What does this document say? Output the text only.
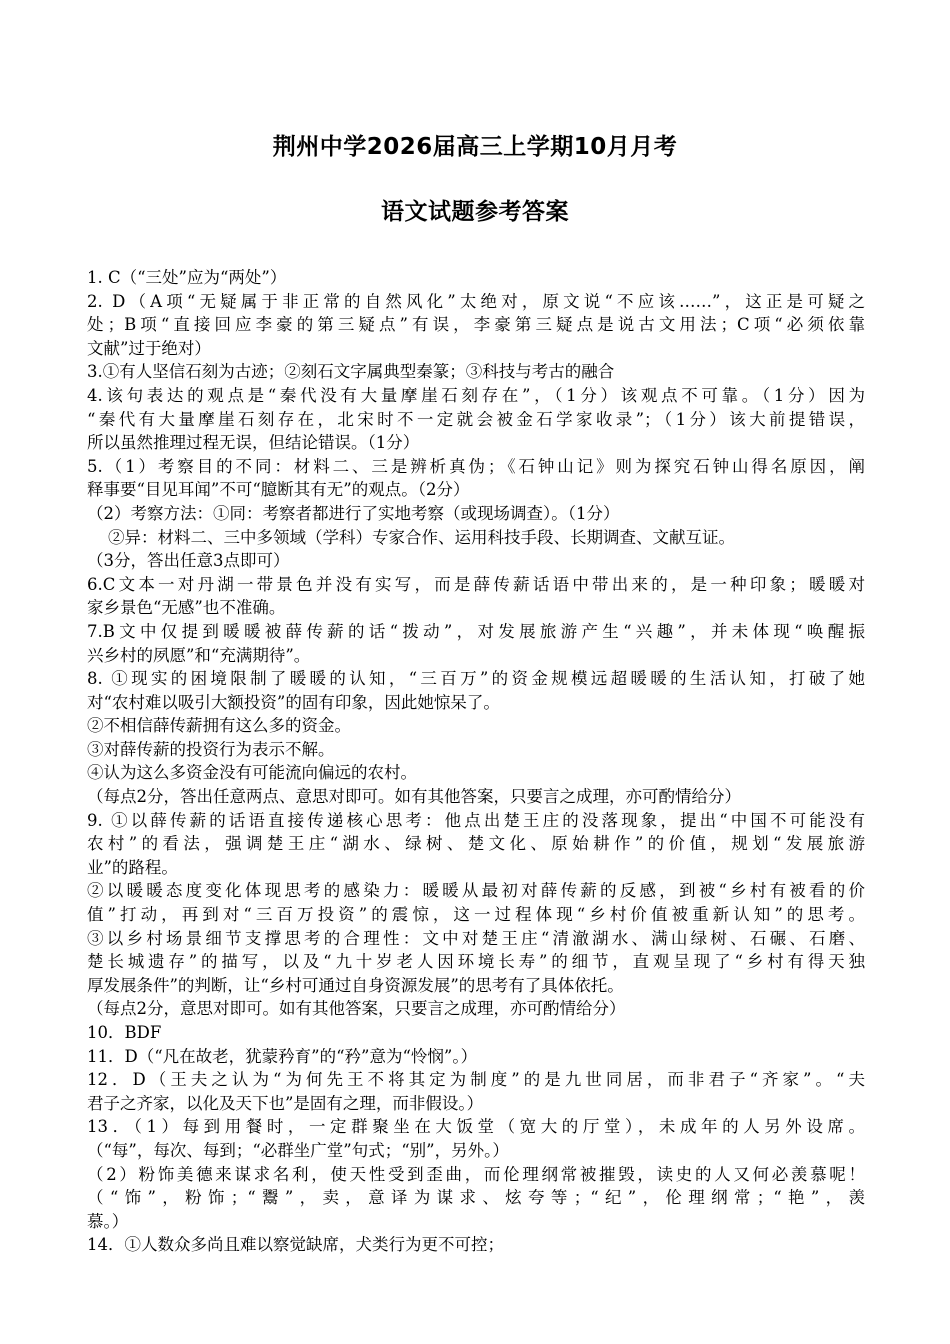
荆州中学2026届高三上学期10月月考
语文试题参考答案
1. C（“三处”应为“两处”）
2. D（A项“无疑属于非正常的自然风化”太绝对，原文说“不应该……”，这正是可疑之
处；B项“直接回应李豪的第三疑点”有误，李豪第三疑点是说古文用法；C项“必须依靠
文献”过于绝对）
3.①有人坚信石刻为古迹；②刻石文字属典型秦篆；③科技与考古的融合
4.该句表达的观点是“秦代没有大量摩崖石刻存在”，（1分）该观点不可靠。（1分）因为
“秦代有大量摩崖石刻存在，北宋时不一定就会被金石学家收录”；（1分）该大前提错误，
所以虽然推理过程无误，但结论错误。（1分）
5.（1）考察目的不同：材料二、三是辨析真伪；《石钟山记》则为探究石钟山得名原因，阐
释事要“目见耳闻”不可“臆断其有无”的观点。（2分）
（2）考察方法：①同：考察者都进行了实地考察（或现场调查）。（1分）
②异：材料二、三中多领域（学科）专家合作、运用科技手段、长期调查、文献互证。
（3分，答出任意3点即可）
6.C文本一对丹湖一带景色并没有实写，而是薛传薪话语中带出来的，是一种印象；暖暖对
家乡景色“无感”也不准确。
7.B文中仅提到暖暖被薛传薪的话“拨动”，对发展旅游产生“兴趣”，并未体现“唤醒振
兴乡村的夙愿”和“充满期待”。
8. ①现实的困境限制了暖暖的认知，“三百万”的资金规模远超暖暖的生活认知，打破了她
对“农村难以吸引大额投资”的固有印象，因此她惊呆了。
②不相信薛传薪拥有这么多的资金。
③对薛传薪的投资行为表示不解。
④认为这么多资金没有可能流向偏远的农村。
（每点2分，答出任意两点、意思对即可。如有其他答案，只要言之成理，亦可酌情给分）
9. ①以薛传薪的话语直接传递核心思考：他点出楚王庄的没落现象，提出“中国不可能没有
农村”的看法，强调楚王庄“湖水、绿树、楚文化、原始耕作”的价值，规划“发展旅游
业”的路程。
②以暖暖态度变化体现思考的感染力：暖暖从最初对薛传薪的反感，到被“乡村有被看的价
值”打动，再到对“三百万投资”的震惊，这一过程体现“乡村价值被重新认知”的思考。
③以乡村场景细节支撑思考的合理性：文中对楚王庄“清澈湖水、满山绿树、石碾、石磨、
楚长城遗存”的描写，以及“九十岁老人因环境长寿”的细节，直观呈现了“乡村有得天独
厚发展条件”的判断，让“乡村可通过自身资源发展”的思考有了具体依托。
（每点2分，意思对即可。如有其他答案，只要言之成理，亦可酌情给分）
10．BDF
11．D（“凡在故老，犹蒙矜育”的“矜”意为“怜悯”。）
12．D（王夫之认为“为何先王不将其定为制度”的是九世同居，而非君子“齐家”。“夫
君子之齐家，以化及天下也”是固有之理，而非假设。）
13．（1）每到用餐时，一定群聚坐在大饭堂（宽大的厅堂），未成年的人另外设席。
（“每”，每次、每到；“必群坐广堂”句式；“别”，另外。）
（2）粉饰美德来谋求名利，使天性受到歪曲，而伦理纲常被摧毁，读史的人又何必羡慕呢！
（“饰”，粉饰；“鬻”，卖，意译为谋求、炫夸等；“纪”，伦理纲常；“艳”，羡
慕。）
14．①人数众多尚且难以察觉缺席，犬类行为更不可控；
